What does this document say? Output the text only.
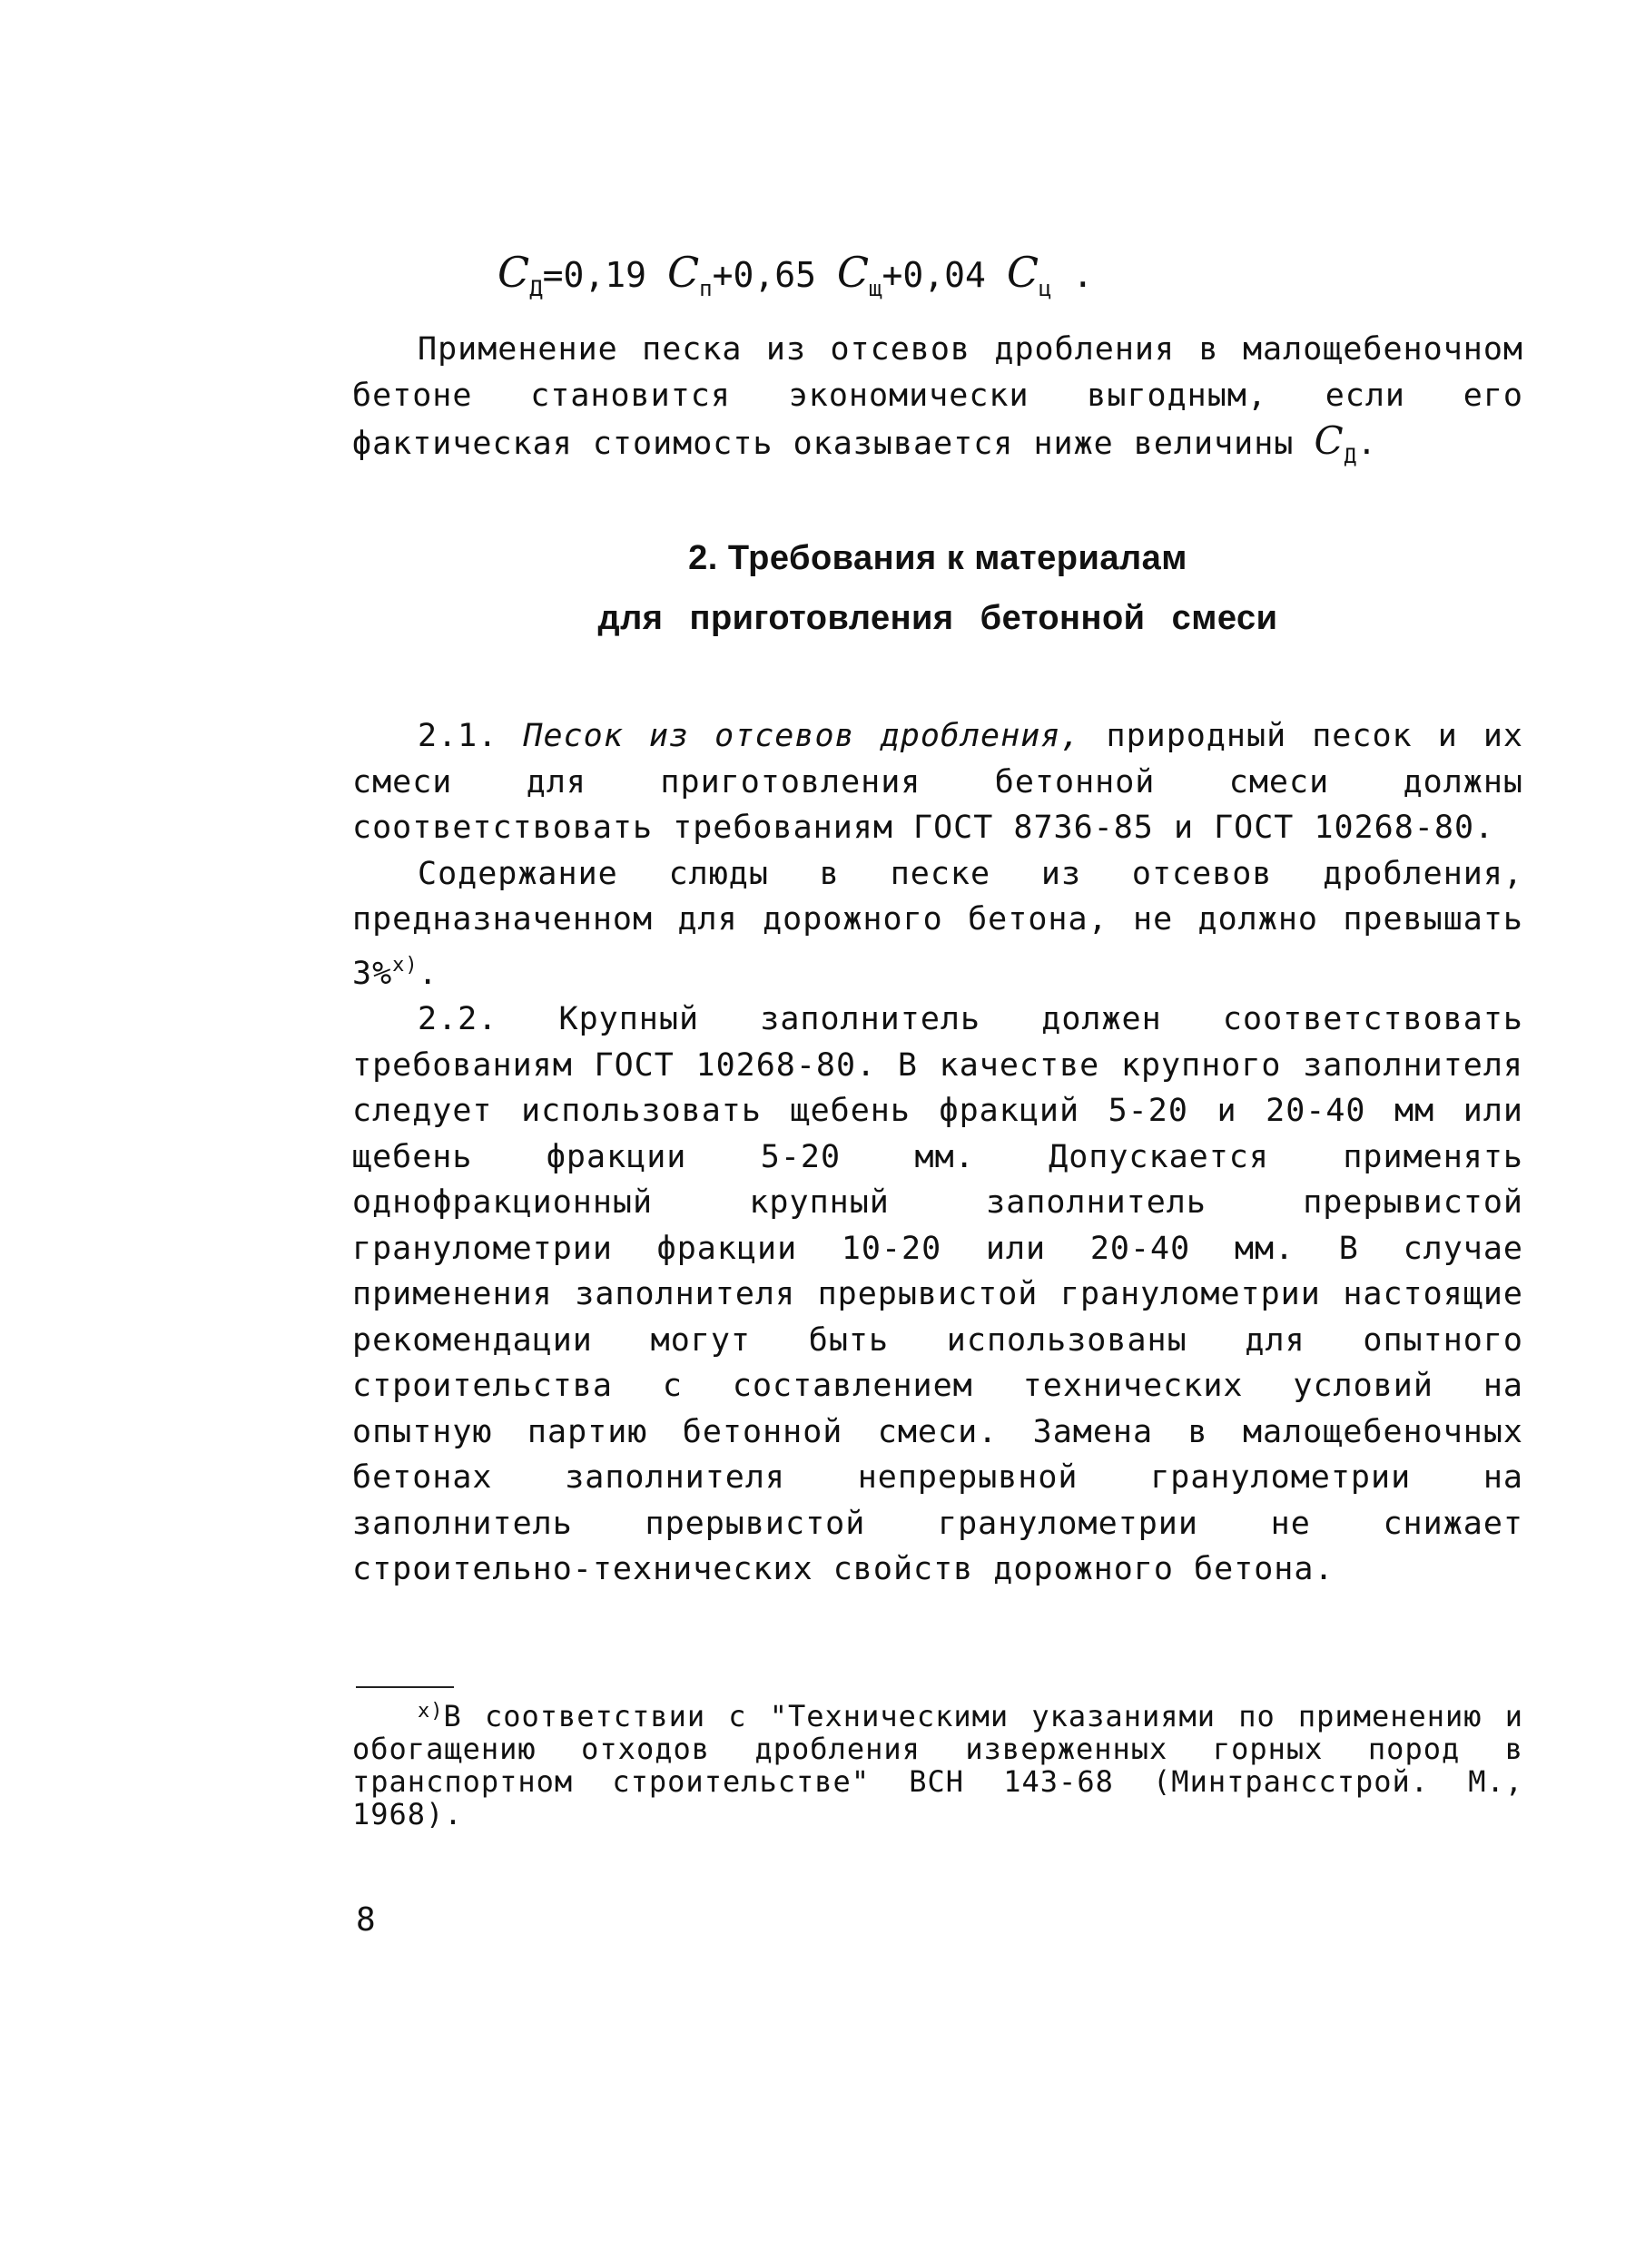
$C_Д=0,19$ $C_п+0,65$ $C_щ+0,04$ $C_ц$ .

Применение песка из отсевов дробления в малощебеночном бетоне становится экономически выгодным, если его фактическая стоимость оказывается ниже величины $C_Д$.

2. Требования к материалам
для приготовления бетонной смеси

2.1. Песок из отсевов дробления, природный песок и их смеси для приготовления бетонной смеси должны соответствовать требованиям ГОСТ 8736-85 и ГОСТ 10268-80.

Содержание слюды в песке из отсевов дробления, предназначенном для дорожного бетона, не должно превышать 3%$^{x)}$.

2.2. Крупный заполнитель должен соответствовать требованиям ГОСТ 10268-80. В качестве крупного заполнителя следует использовать щебень фракций 5-20 и 20-40 мм или щебень фракции 5-20 мм. Допускается применять однофракционный крупный заполнитель прерывистой гранулометрии фракции 10-20 или 20-40 мм. В случае применения заполнителя прерывистой гранулометрии настоящие рекомендации могут быть использованы для опытного строительства с составлением технических условий на опытную партию бетонной смеси. Замена в малощебеночных бетонах заполнителя непрерывной гранулометрии на заполнитель прерывистой гранулометрии не снижает строительно-технических свойств дорожного бетона.

$^{x)}$В соответствии с "Техническими указаниями по применению и обогащению отходов дробления изверженных горных пород в транспортном строительстве" ВСН 143-68 (Минтрансстрой. М., 1968).
8
